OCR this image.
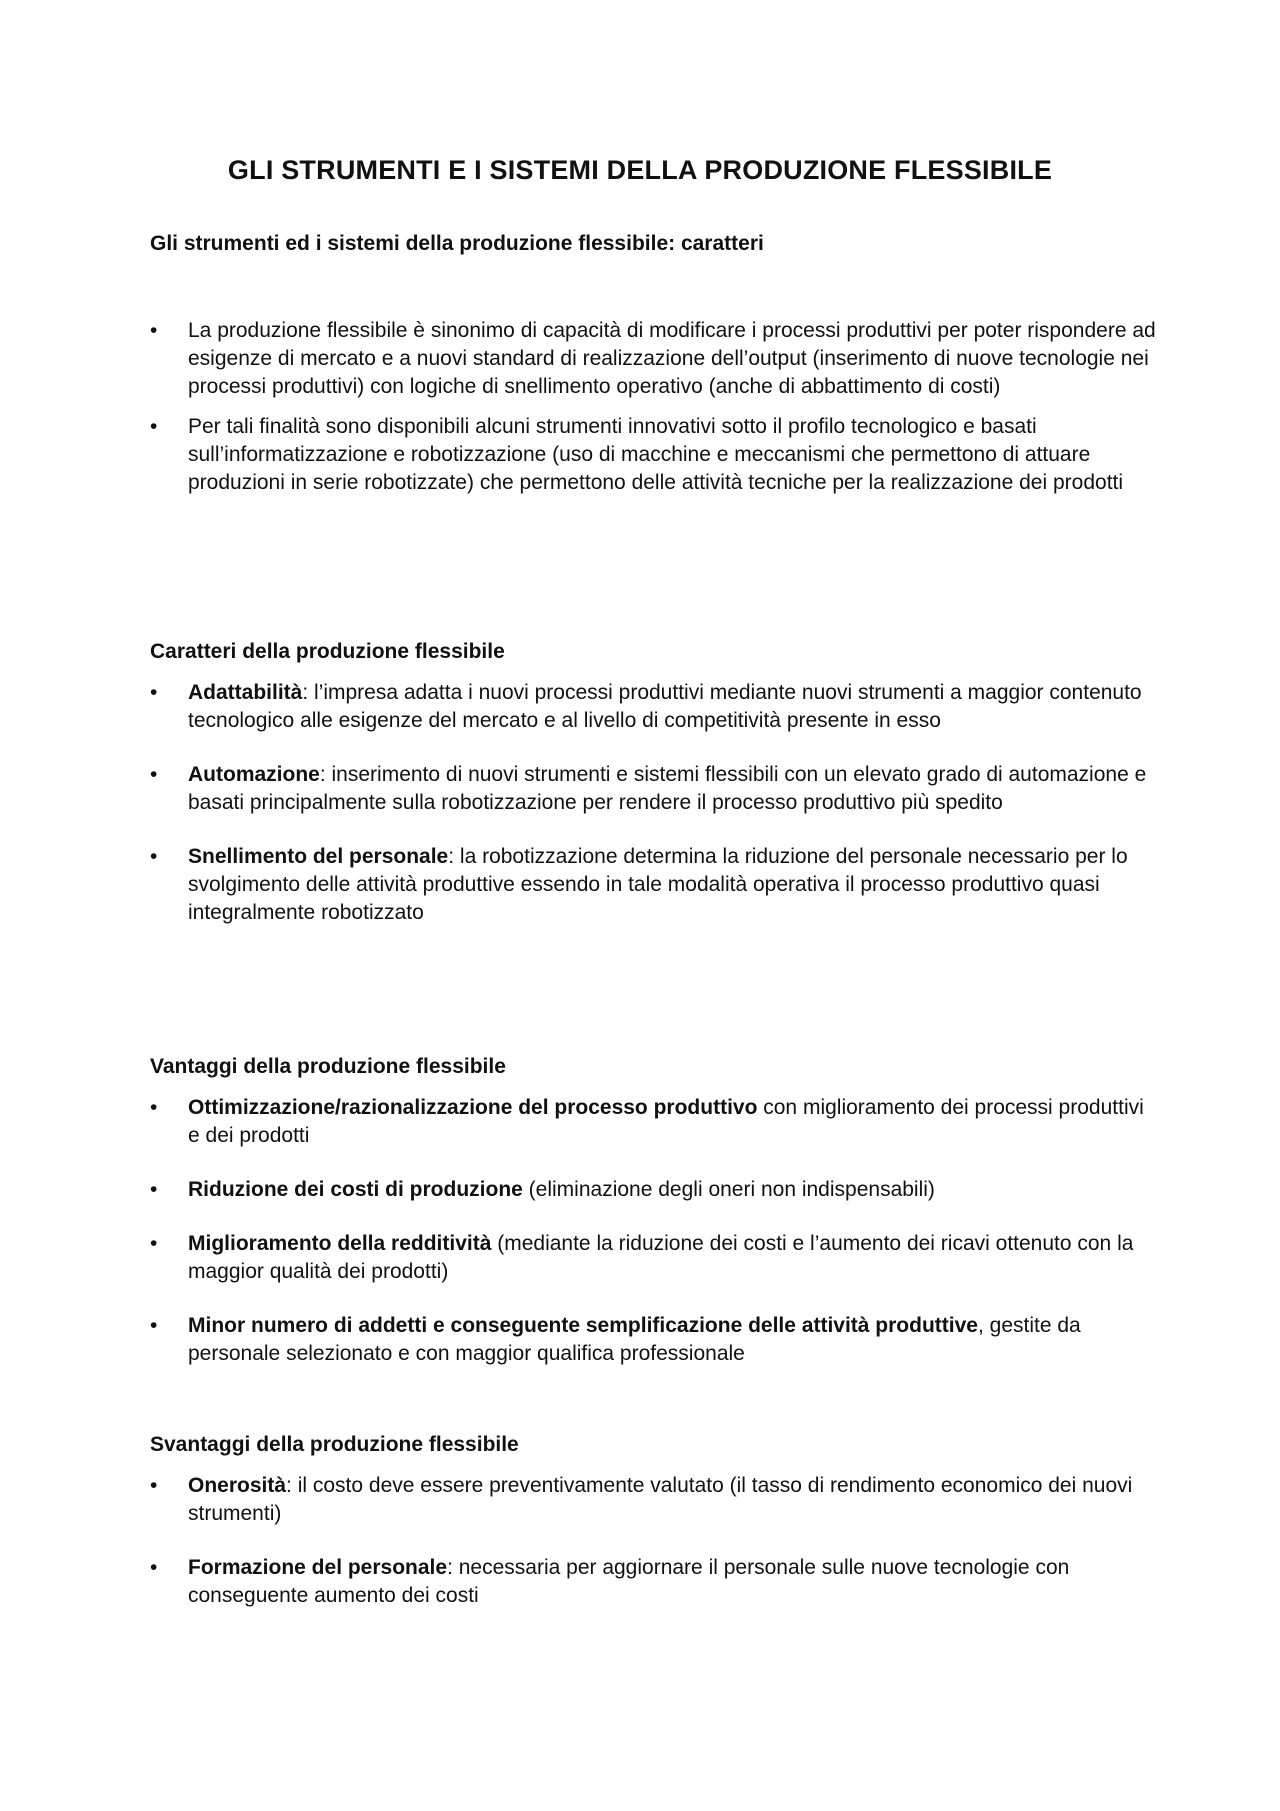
GLI STRUMENTI E I SISTEMI DELLA PRODUZIONE FLESSIBILE
Gli strumenti ed i sistemi della produzione flessibile: caratteri
•	La produzione flessibile è sinonimo di capacità di modificare i processi produttivi per poter rispondere ad esigenze di mercato e a nuovi standard di realizzazione dell’output (inserimento di nuove tecnologie nei processi produttivi) con logiche di snellimento operativo (anche di abbattimento di costi)
•	Per tali finalità sono disponibili alcuni strumenti innovativi sotto il profilo tecnologico e basati sull’informatizzazione e robotizzazione (uso di macchine e meccanismi che permettono di attuare produzioni in serie robotizzate) che permettono delle attività tecniche per la realizzazione dei prodotti
Caratteri della produzione flessibile
•	Adattabilità: l’impresa adatta i nuovi processi produttivi mediante nuovi strumenti a maggior contenuto tecnologico alle esigenze del mercato e al livello di competitività presente in esso
•	Automazione: inserimento di nuovi strumenti e sistemi flessibili con un elevato grado di automazione e basati principalmente sulla robotizzazione per rendere il processo produttivo più spedito
•	Snellimento del personale: la robotizzazione determina la riduzione del personale necessario per lo svolgimento delle attività produttive essendo in tale modalità operativa il processo produttivo quasi integralmente robotizzato
Vantaggi della produzione flessibile
•	Ottimizzazione/razionalizzazione del processo produttivo con miglioramento dei processi produttivi e dei prodotti
•	Riduzione dei costi di produzione (eliminazione degli oneri non indispensabili)
•	Miglioramento della redditività (mediante la riduzione dei costi e l’aumento dei ricavi ottenuto con la maggior qualità dei prodotti)
•	Minor numero di addetti e conseguente semplificazione delle attività produttive, gestite da personale selezionato e con maggior qualifica professionale
Svantaggi della produzione flessibile
•	Onerosità: il costo deve essere preventivamente valutato (il tasso di rendimento economico dei nuovi strumenti)
•	Formazione del personale: necessaria per aggiornare il personale sulle nuove tecnologie con conseguente aumento dei costi
